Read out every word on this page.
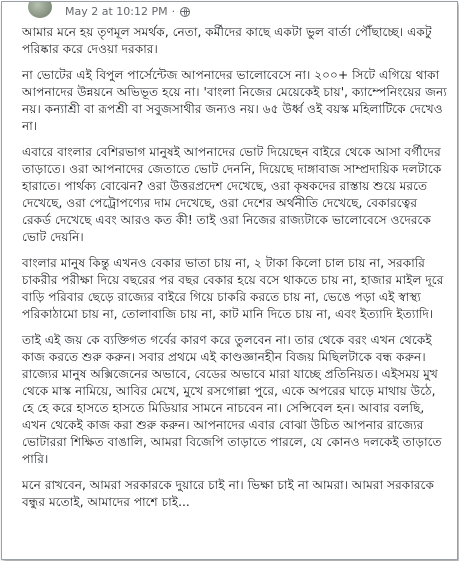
May 2 at 10:12 PM ·

আমার মনে হয় তৃণমূল সমর্থক, নেতা, কর্মীদের কাছে একটা ভুল বার্তা পৌঁছাচ্ছে। একটু পরিষ্কার করে দেওয়া দরকার।

না ভোটের এই বিপুল পার্সেন্টেজ আপনাদের ভালোবেসে না। ২০০+ সিটে এগিয়ে থাকা আপনাদের উন্নয়নে অভিভূত হয়ে না। 'বাংলা নিজের মেয়েকেই চায়', ক্যাম্পেনিংয়ের জন্য নয়। কন্যাশ্রী বা রূপশ্রী বা সবুজসাথীর জন্যও নয়। ৬৫ উর্ধ্ব ওই বয়স্ক মহিলাটিকে দেখেও না।

এবারে বাংলার বেশিরভাগ মানুষই আপনাদের ভোট দিয়েছেন বাইরে থেকে আসা বর্গীদের তাড়াতে। ওরা আপনাদের জেতাতে ভোট দেননি, দিয়েছে দাঙ্গাবাজ সাম্প্রদায়িক দলটাকে হারাতে। পার্থক্য বোঝেন? ওরা উত্তরপ্রদেশ দেখেছে, ওরা কৃষকদের রাস্তায় শুয়ে মরতে দেখেছে, ওরা পেট্রোপণ্যের দাম দেখেছে, ওরা দেশের অর্থনীতি দেখেছে, বেকারত্বের রেকর্ড দেখেছে এবং আরও কত কী! তাই ওরা নিজের রাজ্যটাকে ভালোবেসে ওদেরকে ভোট দেয়নি।

বাংলার মানুষ কিন্তু এখনও বেকার ভাতা চায় না, ২ টাকা কিলো চাল চায় না, সরকারি চাকরীর পরীক্ষা দিয়ে বছরের পর বছর বেকার হয়ে বসে থাকতে চায় না, হাজার মাইল দূরে বাড়ি পরিবার ছেড়ে রাজ্যের বাইরে গিয়ে চাকরি করতে চায় না, ভেঙে পড়া এই স্বাস্থ্য পরিকাঠামো চায় না, তোলাবাজি চায় না, কাট মানি দিতে চায় না, এবং ইত্যাদি ইত্যাদি।

তাই এই জয় কে ব্যক্তিগত গর্বের কারণ করে তুলবেন না। তার থেকে বরং এখন থেকেই কাজ করতে শুরু করুন। সবার প্রথমে এই কাণ্ডজ্ঞানহীন বিজয় মিছিলটাকে বন্ধ করুন। রাজ্যের মানুষ অক্সিজেনের অভাবে, বেডের অভাবে মারা যাচ্ছে প্রতিনিয়ত। এইসময় মুখ থেকে মাস্ক নামিয়ে, আবির মেখে, মুখে রসগোল্লা পুরে, একে অপরের ঘাড়ে মাথায় উঠে, হে হে করে হাসতে হাসতে মিডিয়ার সামনে নাচবেন না। সেন্সিবেল হন। আবার বলছি, এখন থেকেই কাজ করা শুরু করুন। আপনাদের এবার বোঝা উচিত আপনার রাজ্যের ভোটাররা শিক্ষিত বাঙালি, আমরা বিজেপি তাড়াতে পারলে, যে কোনও দলকেই তাড়াতে পারি।

মনে রাখবেন, আমরা সরকারকে দুয়ারে চাই না। ভিক্ষা চাই না আমরা। আমরা সরকারকে বন্ধুর মতোই, আমাদের পাশে চাই...
